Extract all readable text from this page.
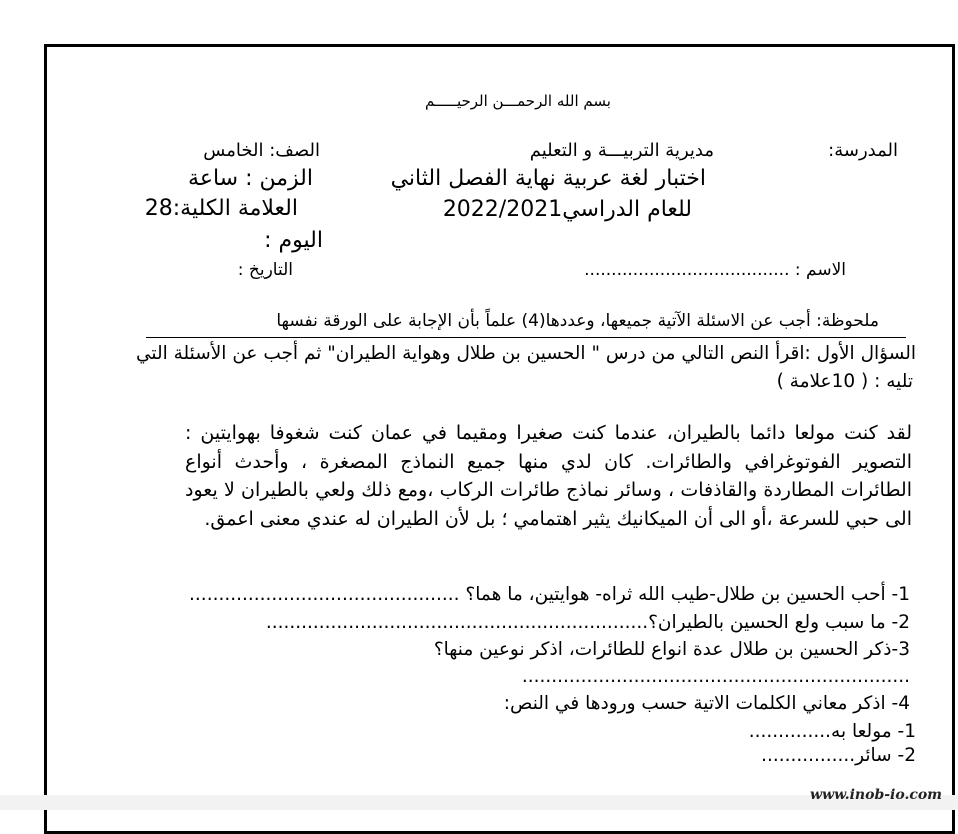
بسم الله الرحمـــن الرحيـــــم
المدرسة:
مديرية التربيـــة و التعليم
الصف: الخامس
اختبار لغة عربية نهاية الفصل الثاني
الزمن : ساعة
للعام الدراسي2022/2021
العلامة الكلية:28
اليوم :
الاسم : ......................................
التاريخ :
ملحوظة: أجب عن الاسئلة الآتية جميعها، وعددها(4) علماً بأن الإجابة على الورقة نفسها
السؤال الأول :اقرأ النص التالي من درس " الحسين بن طلال وهواية الطيران" ثم أجب عن الأسئلة التي
تليه : ( 10علامة )
لقد كنت مولعا دائما بالطيران، عندما كنت صغيرا ومقيما في عمان كنت شغوفا بهوايتين : التصوير الفوتوغرافي والطائرات. كان لدي منها جميع النماذج المصغرة ، وأحدث أنواع الطائرات المطاردة والقاذفات ، وسائر نماذج طائرات الركاب ،ومع ذلك ولعي بالطيران لا يعود الى حبي للسرعة ،أو الى أن الميكانيك يثير اهتمامي ؛ بل لأن الطيران له عندي معنى اعمق.
1- أحب الحسين بن طلال-طيب الله ثراه- هوايتين، ما هما؟ ..............................................
2- ما سبب ولع الحسين بالطيران؟.................................................................
3-ذكر الحسين بن طلال عدة انواع للطائرات، اذكر نوعين منها؟
..................................................................
4- اذكر معاني الكلمات الاتية حسب ورودها في النص:
1- مولعا به..............
2- سائر................
www.inob-io.com
